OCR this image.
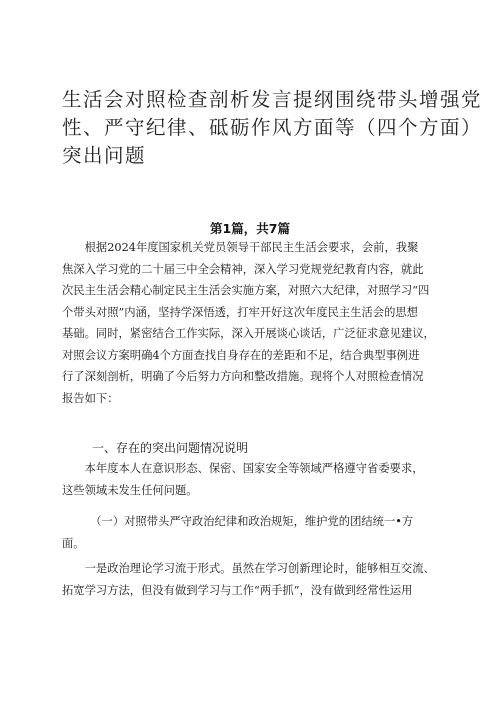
生活会对照检查剖析发言提纲围绕带头增强党
性、严守纪律、砥砺作风方面等（四个方面）
突出问题
第1篇，共7篇
　　根据2024年度国家机关党员领导干部民主生活会要求，会前，我聚
焦深入学习党的二十届三中全会精神，深入学习党规党纪教育内容，就此
次民主生活会精心制定民主生活会实施方案，对照六大纪律，对照学习“四
个带头对照”内涵，坚持学深悟透，打牢开好这次年度民主生活会的思想
基础。同时，紧密结合工作实际，深入开展谈心谈话，广泛征求意见建议，
对照会议方案明确4个方面查找自身存在的差距和不足，结合典型事例进
行了深刻剖析，明确了今后努力方向和整改措施。现将个人对照检查情况
报告如下：
一、存在的突出问题情况说明
　　本年度本人在意识形态、保密、国家安全等领域严格遵守省委要求，
这些领域未发生任何问题。
　　　（一）对照带头严守政治纪律和政治规矩，维护党的团结统一•方
面。
　　一是政治理论学习流于形式。虽然在学习创新理论时，能够相互交流、
拓宽学习方法，但没有做到学习与工作“两手抓”，没有做到经常性运用
